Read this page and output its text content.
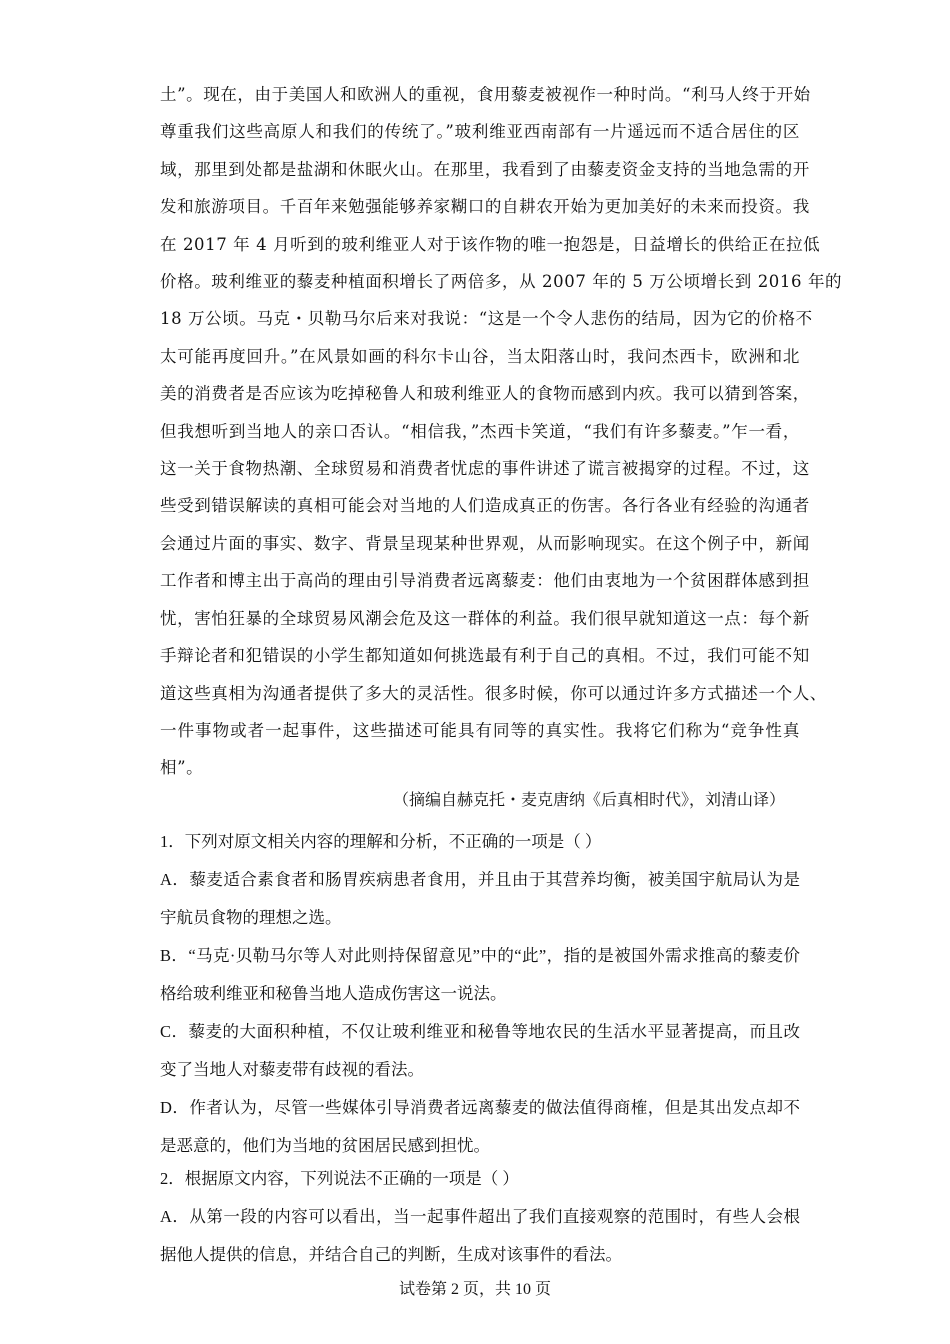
土”。现在，由于美国人和欧洲人的重视，食用藜麦被视作一种时尚。“利马人终于开始
尊重我们这些高原人和我们的传统了。”玻利维亚西南部有一片遥远而不适合居住的区
域，那里到处都是盐湖和休眠火山。在那里，我看到了由藜麦资金支持的当地急需的开
发和旅游项目。千百年来勉强能够养家糊口的自耕农开始为更加美好的未来而投资。我
在 2017 年 4 月听到的玻利维亚人对于该作物的唯一抱怨是，日益增长的供给正在拉低
价格。玻利维亚的藜麦种植面积增长了两倍多，从 2007 年的 5 万公顷增长到 2016 年的
18 万公顷。马克・贝勒马尔后来对我说：“这是一个令人悲伤的结局，因为它的价格不
太可能再度回升。”在风景如画的科尔卡山谷，当太阳落山时，我问杰西卡，欧洲和北
美的消费者是否应该为吃掉秘鲁人和玻利维亚人的食物而感到内疚。我可以猜到答案，
但我想听到当地人的亲口否认。“相信我，”杰西卡笑道，“我们有许多藜麦。”乍一看，
这一关于食物热潮、全球贸易和消费者忧虑的事件讲述了谎言被揭穿的过程。不过，这
些受到错误解读的真相可能会对当地的人们造成真正的伤害。各行各业有经验的沟通者
会通过片面的事实、数字、背景呈现某种世界观，从而影响现实。在这个例子中，新闻
工作者和博主出于高尚的理由引导消费者远离藜麦：他们由衷地为一个贫困群体感到担
忧，害怕狂暴的全球贸易风潮会危及这一群体的利益。我们很早就知道这一点：每个新
手辩论者和犯错误的小学生都知道如何挑选最有利于自己的真相。不过，我们可能不知
道这些真相为沟通者提供了多大的灵活性。很多时候，你可以通过许多方式描述一个人、
一件事物或者一起事件，这些描述可能具有同等的真实性。我将它们称为“竞争性真
相”。
（摘编自赫克托・麦克唐纳《后真相时代》，刘清山译）
1．下列对原文相关内容的理解和分析，不正确的一项是（ ）
A．藜麦适合素食者和肠胃疾病患者食用，并且由于其营养均衡，被美国宇航局认为是
宇航员食物的理想之选。
B．“马克·贝勒马尔等人对此则持保留意见”中的“此”，指的是被国外需求推高的藜麦价
格给玻利维亚和秘鲁当地人造成伤害这一说法。
C．藜麦的大面积种植，不仅让玻利维亚和秘鲁等地农民的生活水平显著提高，而且改
变了当地人对藜麦带有歧视的看法。
D．作者认为，尽管一些媒体引导消费者远离藜麦的做法值得商榷，但是其出发点却不
是恶意的，他们为当地的贫困居民感到担忧。
2．根据原文内容，下列说法不正确的一项是（ ）
A．从第一段的内容可以看出，当一起事件超出了我们直接观察的范围时，有些人会根
据他人提供的信息，并结合自己的判断，生成对该事件的看法。
试卷第 2 页，共 10 页
